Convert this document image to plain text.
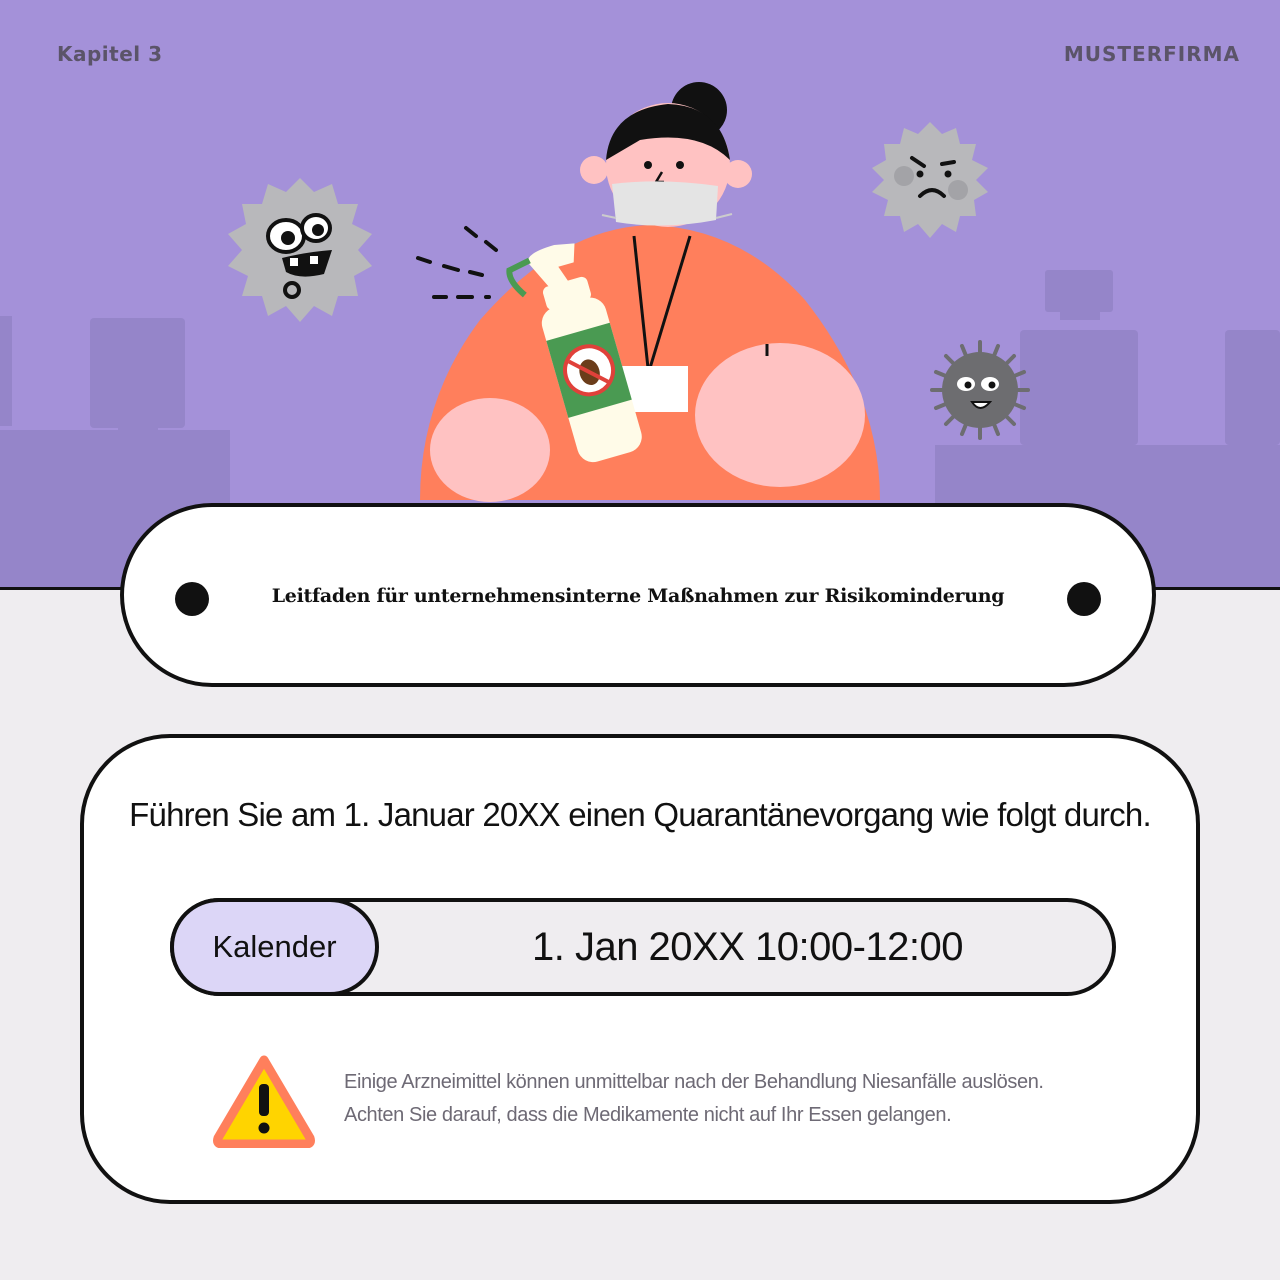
Kapitel 3	MUSTERFIRMA
Leitfaden für unternehmensinterne Maßnahmen zur Risikominderung
Führen Sie am 1. Januar 20XX einen Quarantänevorgang wie folgt durch.
Kalender	1. Jan 20XX 10:00-12:00
Einige Arzneimittel können unmittelbar nach der Behandlung Niesanfälle auslösen.
Achten Sie darauf, dass die Medikamente nicht auf Ihr Essen gelangen.
